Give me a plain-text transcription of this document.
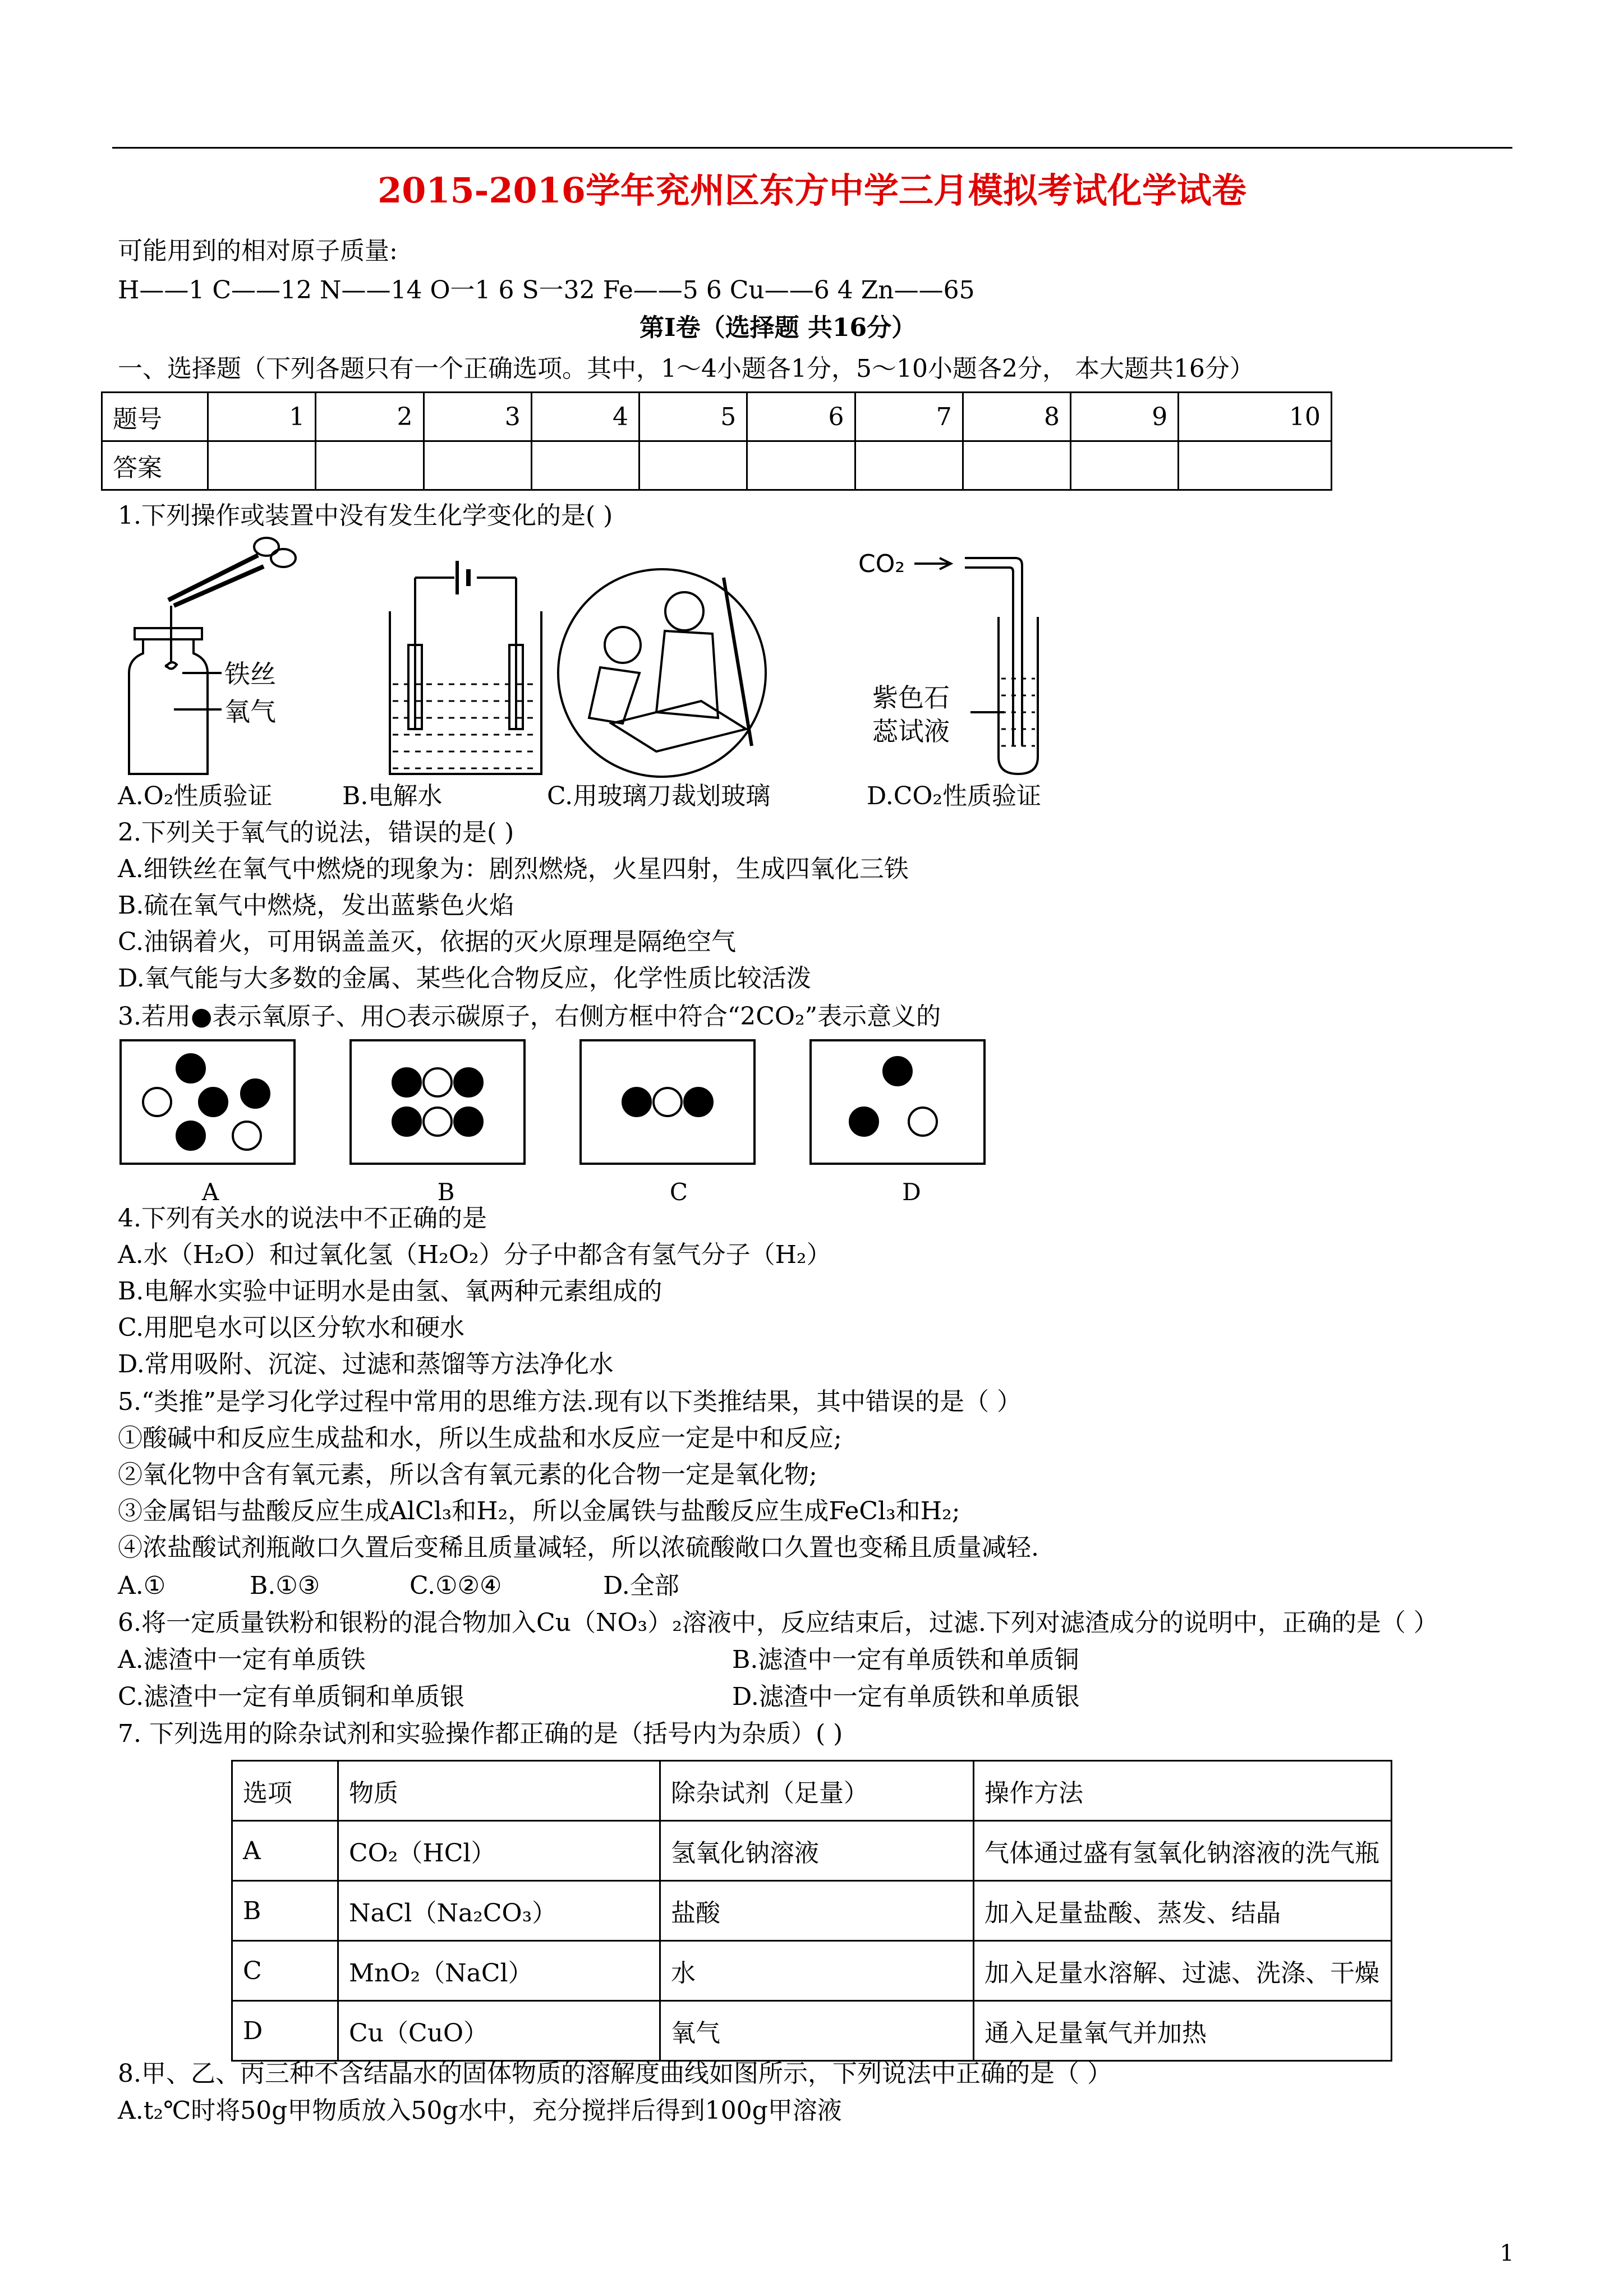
2015-2016学年兖州区东方中学三月模拟考试化学试卷
可能用到的相对原子质量:
H——1 C——12 N——14 O一1 6 S一32 Fe——5 6 Cu——6 4 Zn——65
第Ⅰ卷（选择题 共16分）
一、选择题（下列各题只有一个正确选项。其中，1～4小题各1分，5～10小题各2分， 本大题共16分）
题号	1	2	3	4	5	6	7	8	9	10
答案										
1.下列操作或装置中没有发生化学变化的是( )
铁丝
氧气
CO₂
紫色石
蕊试液
A.O₂性质验证	B.电解水	C.用玻璃刀裁划玻璃	D.CO₂性质验证
2.下列关于氧气的说法，错误的是( )
A.细铁丝在氧气中燃烧的现象为：剧烈燃烧，火星四射，生成四氧化三铁
B.硫在氧气中燃烧，发出蓝紫色火焰
C.油锅着火，可用锅盖盖灭，依据的灭火原理是隔绝空气
D.氧气能与大多数的金属、某些化合物反应，化学性质比较活泼
3.若用●表示氧原子、用○表示碳原子，右侧方框中符合“2CO₂”表示意义的
A	B	C	D
4.下列有关水的说法中不正确的是
A.水（H₂O）和过氧化氢（H₂O₂）分子中都含有氢气分子（H₂）
B.电解水实验中证明水是由氢、氧两种元素组成的
C.用肥皂水可以区分软水和硬水
D.常用吸附、沉淀、过滤和蒸馏等方法净化水
5.“类推”是学习化学过程中常用的思维方法.现有以下类推结果，其中错误的是（ ）
①酸碱中和反应生成盐和水，所以生成盐和水反应一定是中和反应;
②氧化物中含有氧元素，所以含有氧元素的化合物一定是氧化物;
③金属铝与盐酸反应生成AlCl₃和H₂，所以金属铁与盐酸反应生成FeCl₃和H₂;
④浓盐酸试剂瓶敞口久置后变稀且质量减轻，所以浓硫酸敞口久置也变稀且质量减轻.
A.①	B.①③	C.①②④	D.全部
6.将一定质量铁粉和银粉的混合物加入Cu（NO₃）₂溶液中，反应结束后，过滤.下列对滤渣成分的说明中，正确的是（ ）
A.滤渣中一定有单质铁	B.滤渣中一定有单质铁和单质铜
C.滤渣中一定有单质铜和单质银	D.滤渣中一定有单质铁和单质银
7. 下列选用的除杂试剂和实验操作都正确的是（括号内为杂质）( )
选项	物质	除杂试剂（足量）	操作方法
A	CO₂（HCl）	氢氧化钠溶液	气体通过盛有氢氧化钠溶液的洗气瓶
B	NaCl（Na₂CO₃）	盐酸	加入足量盐酸、蒸发、结晶
C	MnO₂（NaCl）	水	加入足量水溶解、过滤、洗涤、干燥
D	Cu（CuO）	氧气	通入足量氧气并加热
8.甲、乙、丙三种不含结晶水的固体物质的溶解度曲线如图所示，下列说法中正确的是（ ）
A.t₂℃时将50g甲物质放入50g水中，充分搅拌后得到100g甲溶液
1
